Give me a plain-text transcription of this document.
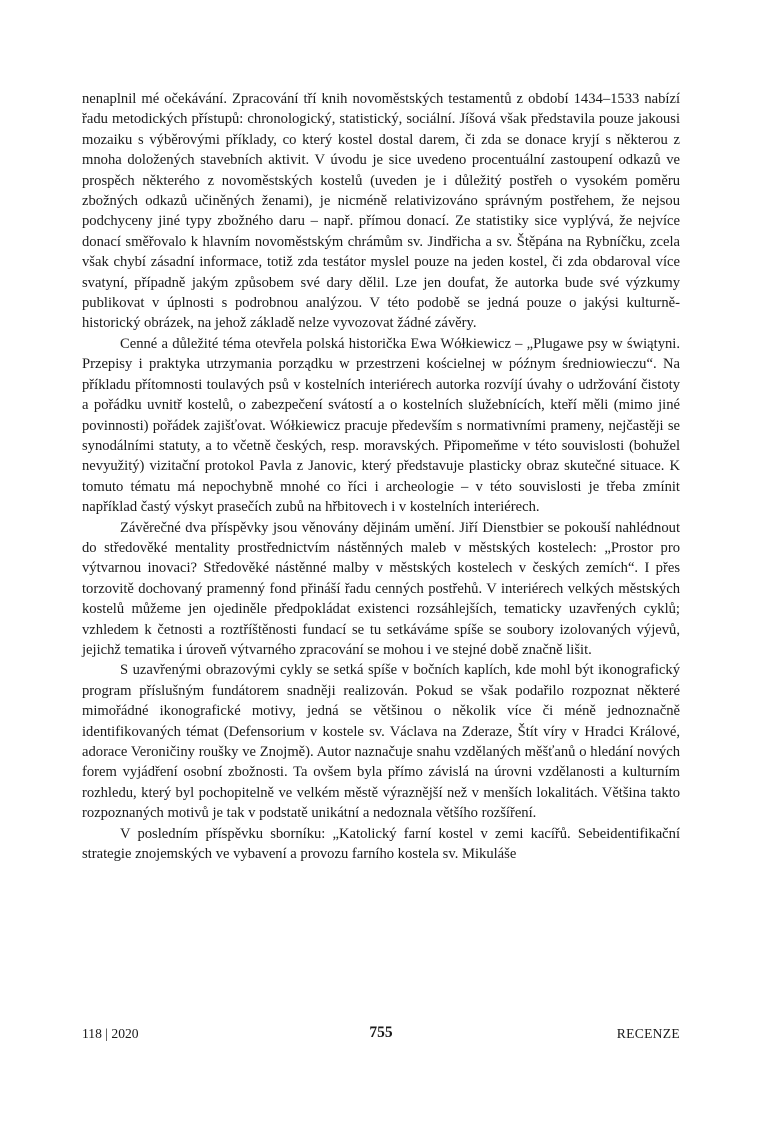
nenaplnil mé očekávání. Zpracování tří knih novoměstských testamentů z období 1434–1533 nabízí řadu metodických přístupů: chronologický, statistický, sociální. Jíšová však představila pouze jakousi mozaiku s výběrovými příklady, co který kostel dostal darem, či zda se donace kryjí s některou z mnoha doložených stavebních aktivit. V úvodu je sice uvedeno procentuální zastoupení odkazů ve prospěch některého z novoměstských kostelů (uveden je i důležitý postřeh o vysokém poměru zbožných odkazů učiněných ženami), je nicméně relativizováno správným postřehem, že nejsou podchyceny jiné typy zbožného daru – např. přímou donací. Ze statistiky sice vyplývá, že nejvíce donací směřovalo k hlavním novoměstským chrámům sv. Jindřicha a sv. Štěpána na Rybníčku, zcela však chybí zásadní informace, totiž zda testátor myslel pouze na jeden kostel, či zda obdaroval více svatyní, případně jakým způsobem své dary dělil. Lze jen doufat, že autorka bude své výzkumy publikovat v úplnosti s podrobnou analýzou. V této podobě se jedná pouze o jakýsi kulturně-historický obrázek, na jehož základě nelze vyvozovat žádné závěry.

Cenné a důležité téma otevřela polská historička Ewa Wółkiewicz – „Plugawe psy w świątyni. Przepisy i praktyka utrzymania porządku w przestrzeni kościelnej w późnym średniowieczu“. Na příkladu přítomnosti toulavých psů v kostelních interiérech autorka rozvíjí úvahy o udržování čistoty a pořádku uvnitř kostelů, o zabezpečení svátostí a o kostelních služebnících, kteří měli (mimo jiné povinnosti) pořádek zajišťovat. Wółkiewicz pracuje především s normativními prameny, nejčastěji se synodálními statuty, a to včetně českých, resp. moravských. Připomeňme v této souvislosti (bohužel nevyužitý) vizitační protokol Pavla z Janovic, který představuje plasticky obraz skutečné situace. K tomuto tématu má nepochybně mnohé co říci i archeologie – v této souvislosti je třeba zmínit například častý výskyt prasečích zubů na hřbitovech i v kostelních interiérech.

Závěrečné dva příspěvky jsou věnovány dějinám umění. Jiří Dienstbier se pokouší nahlédnout do středověké mentality prostřednictvím nástěnných maleb v městských kostelech: „Prostor pro výtvarnou inovaci? Středověké nástěnné malby v městských kostelech v českých zemích“. I přes torzovitě dochovaný pramenný fond přináší řadu cenných postřehů. V interiérech velkých městských kostelů můžeme jen ojediněle předpokládat existenci rozsáhlejších, tematicky uzavřených cyklů; vzhledem k četnosti a roztříštěnosti fundací se tu setkáváme spíše se soubory izolovaných výjevů, jejichž tematika i úroveň výtvarného zpracování se mohou i ve stejné době značně lišit.

S uzavřenými obrazovými cykly se setká spíše v bočních kaplích, kde mohl být ikonografický program příslušným fundátorem snadněji realizován. Pokud se však podařilo rozpoznat některé mimořádné ikonografické motivy, jedná se většinou o několik více či méně jednoznačně identifikovaných témat (Defensorium v kostele sv. Václava na Zderaze, Štít víry v Hradci Králové, adorace Veroničiny roušky ve Znojmě). Autor naznačuje snahu vzdělaných měšťanů o hledání nových forem vyjádření osobní zbožnosti. Ta ovšem byla přímo závislá na úrovni vzdělanosti a kulturním rozhledu, který byl pochopitelně ve velkém městě výraznější než v menších lokalitách. Většina takto rozpoznaných motivů je tak v podstatě unikátní a nedoznala většího rozšíření.

V posledním příspěvku sborníku: „Katolický farní kostel v zemi kacířů. Sebeidentifikační strategie znojemských ve vybavení a provozu farního kostela sv. Mikuláše

118 | 2020	755	RECENZE
